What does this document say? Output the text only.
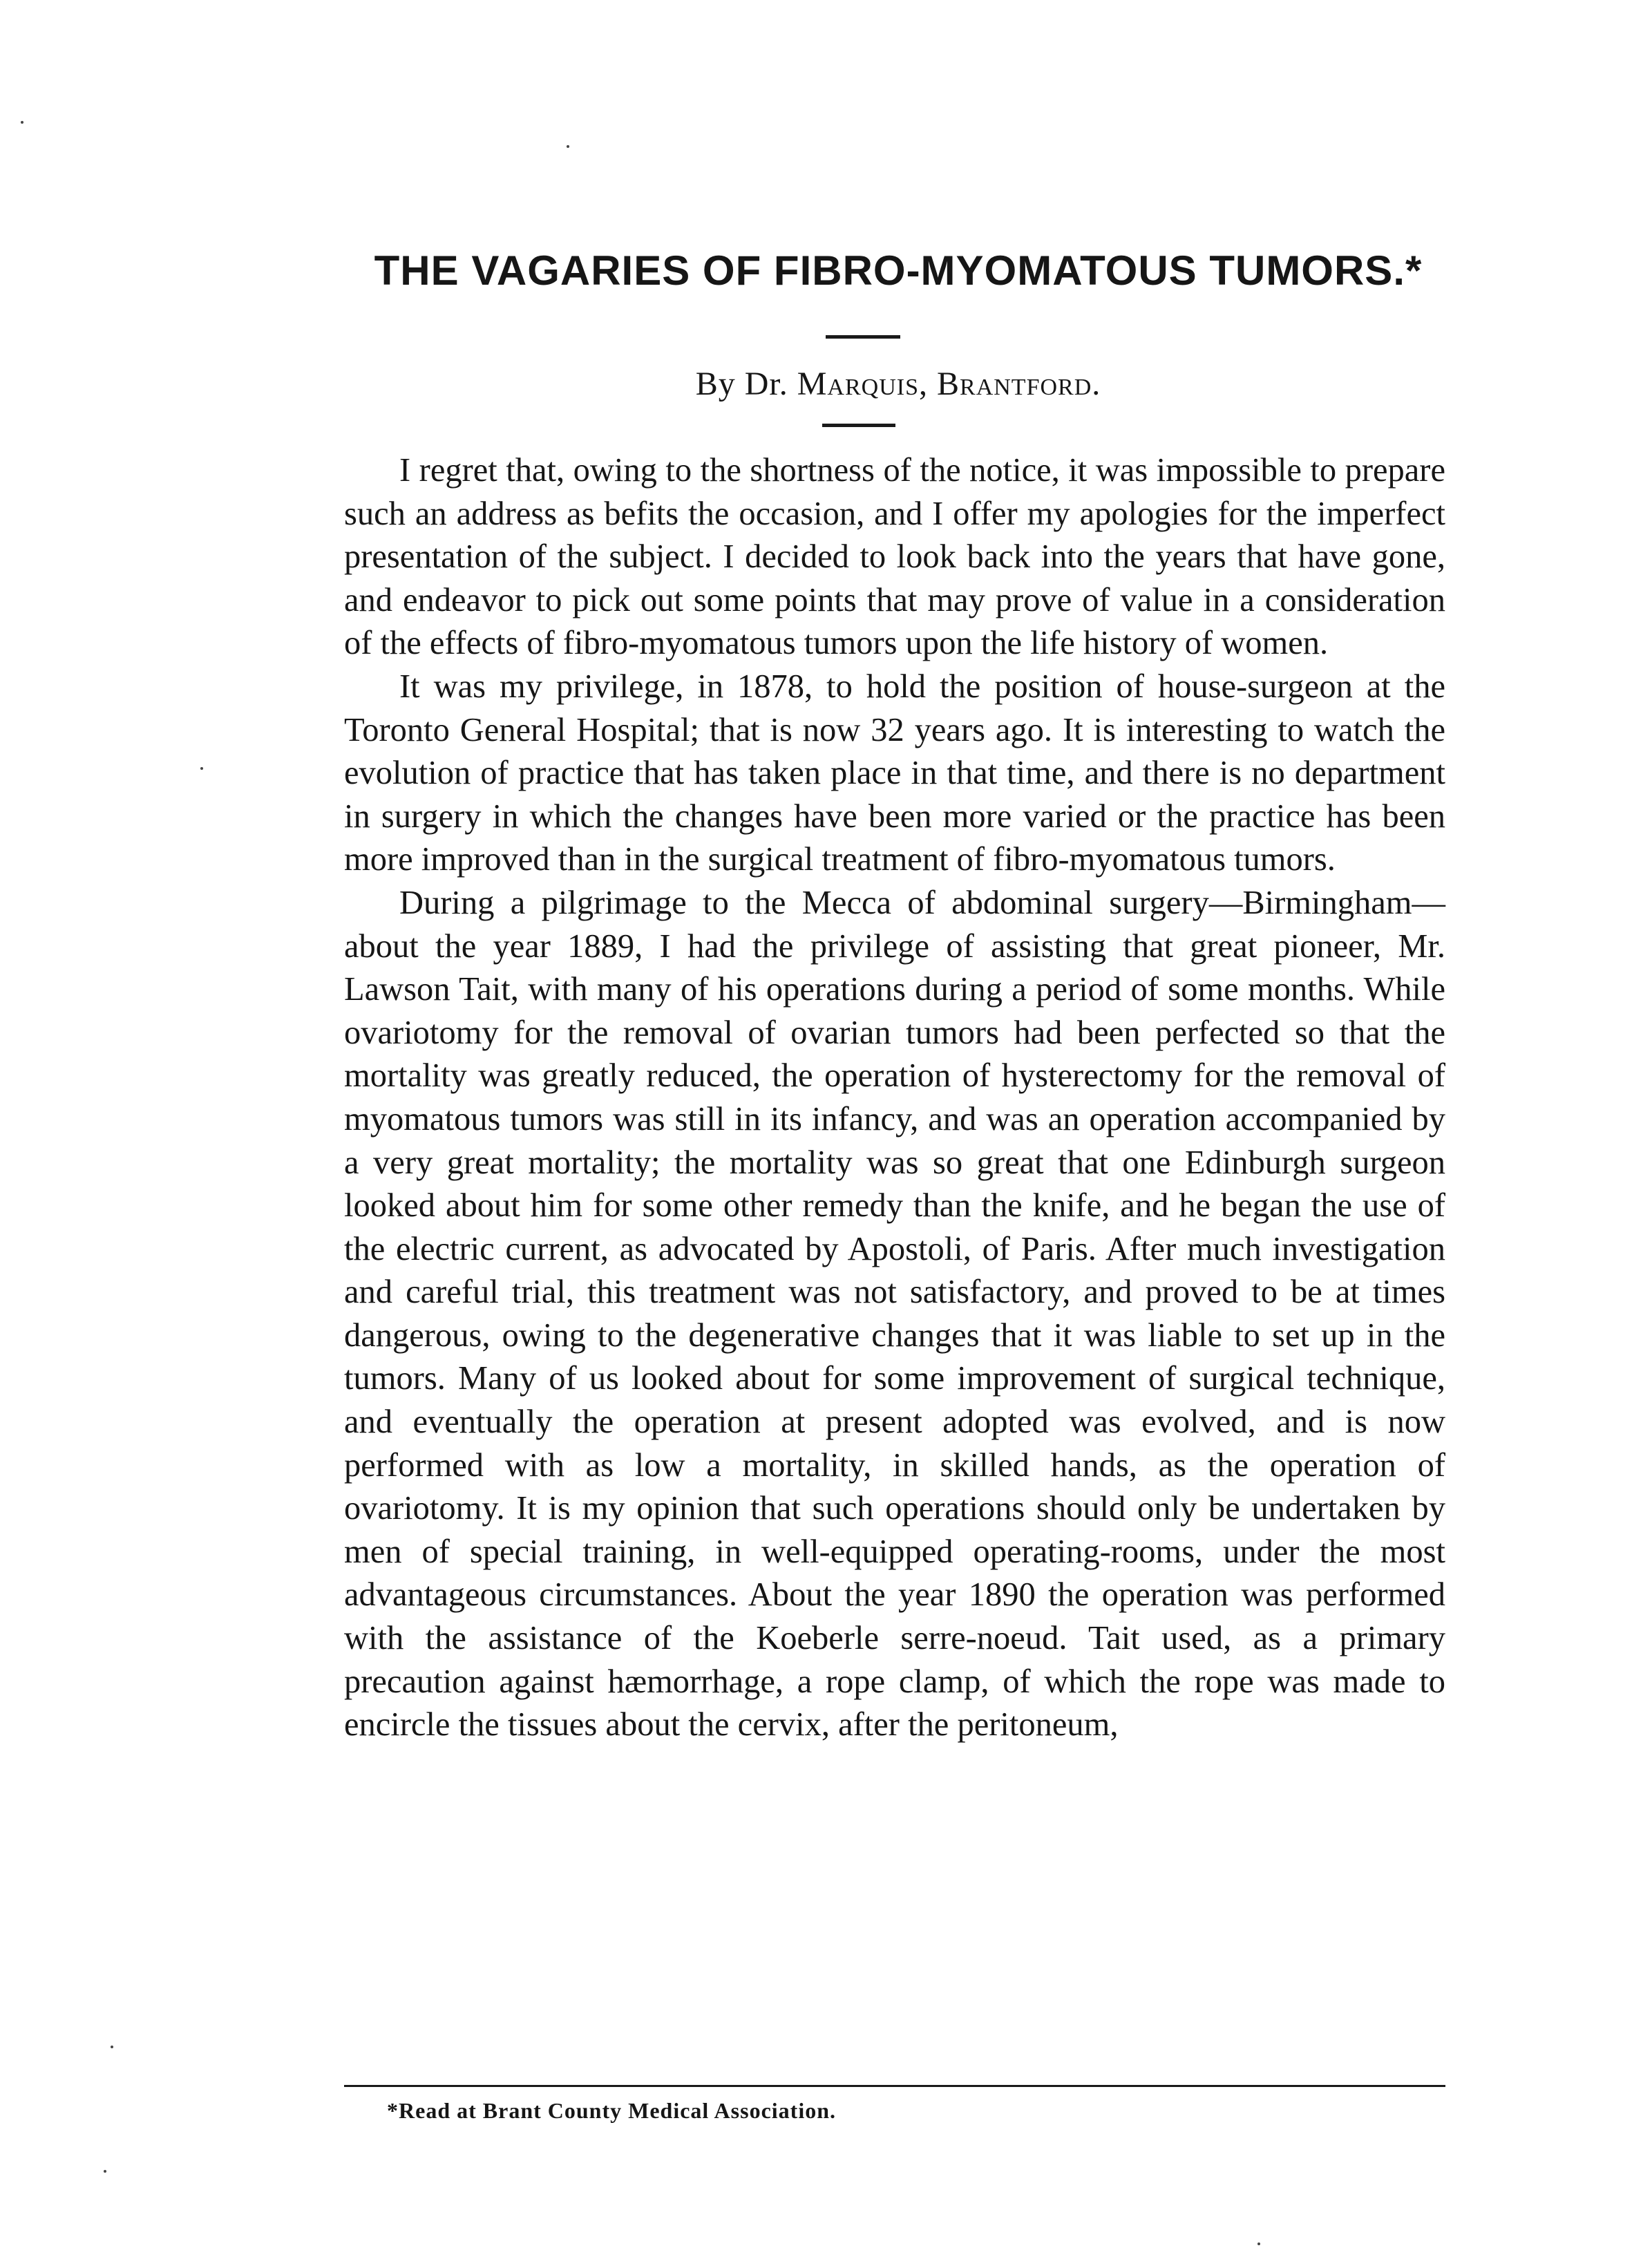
THE VAGARIES OF FIBRO-MYOMATOUS TUMORS.*
By Dr. Marquis, Brantford.

I regret that, owing to the shortness of the notice, it was impossible to prepare such an address as befits the occasion, and I offer my apologies for the imperfect presentation of the subject. I decided to look back into the years that have gone, and endeavor to pick out some points that may prove of value in a consideration of the effects of fibro-myomatous tumors upon the life history of women.

It was my privilege, in 1878, to hold the position of house-surgeon at the Toronto General Hospital; that is now 32 years ago. It is interesting to watch the evolution of practice that has taken place in that time, and there is no department in surgery in which the changes have been more varied or the practice has been more improved than in the surgical treatment of fibro-myomatous tumors.

During a pilgrimage to the Mecca of abdominal surgery—Birmingham—about the year 1889, I had the privilege of assisting that great pioneer, Mr. Lawson Tait, with many of his operations during a period of some months. While ovariotomy for the removal of ovarian tumors had been perfected so that the mortality was greatly reduced, the operation of hysterectomy for the removal of myomatous tumors was still in its infancy, and was an operation accompanied by a very great mortality; the mortality was so great that one Edinburgh surgeon looked about him for some other remedy than the knife, and he began the use of the electric current, as advocated by Apostoli, of Paris. After much investigation and careful trial, this treatment was not satisfactory, and proved to be at times dangerous, owing to the degenerative changes that it was liable to set up in the tumors. Many of us looked about for some improvement of surgical technique, and eventually the operation at present adopted was evolved, and is now performed with as low a mortality, in skilled hands, as the operation of ovariotomy. It is my opinion that such operations should only be undertaken by men of special training, in well-equipped operating-rooms, under the most advantageous circumstances. About the year 1890 the operation was performed with the assistance of the Koeberle serre-noeud. Tait used, as a primary precaution against hæmorrhage, a rope clamp, of which the rope was made to encircle the tissues about the cervix, after the peritoneum,

*Read at Brant County Medical Association.
